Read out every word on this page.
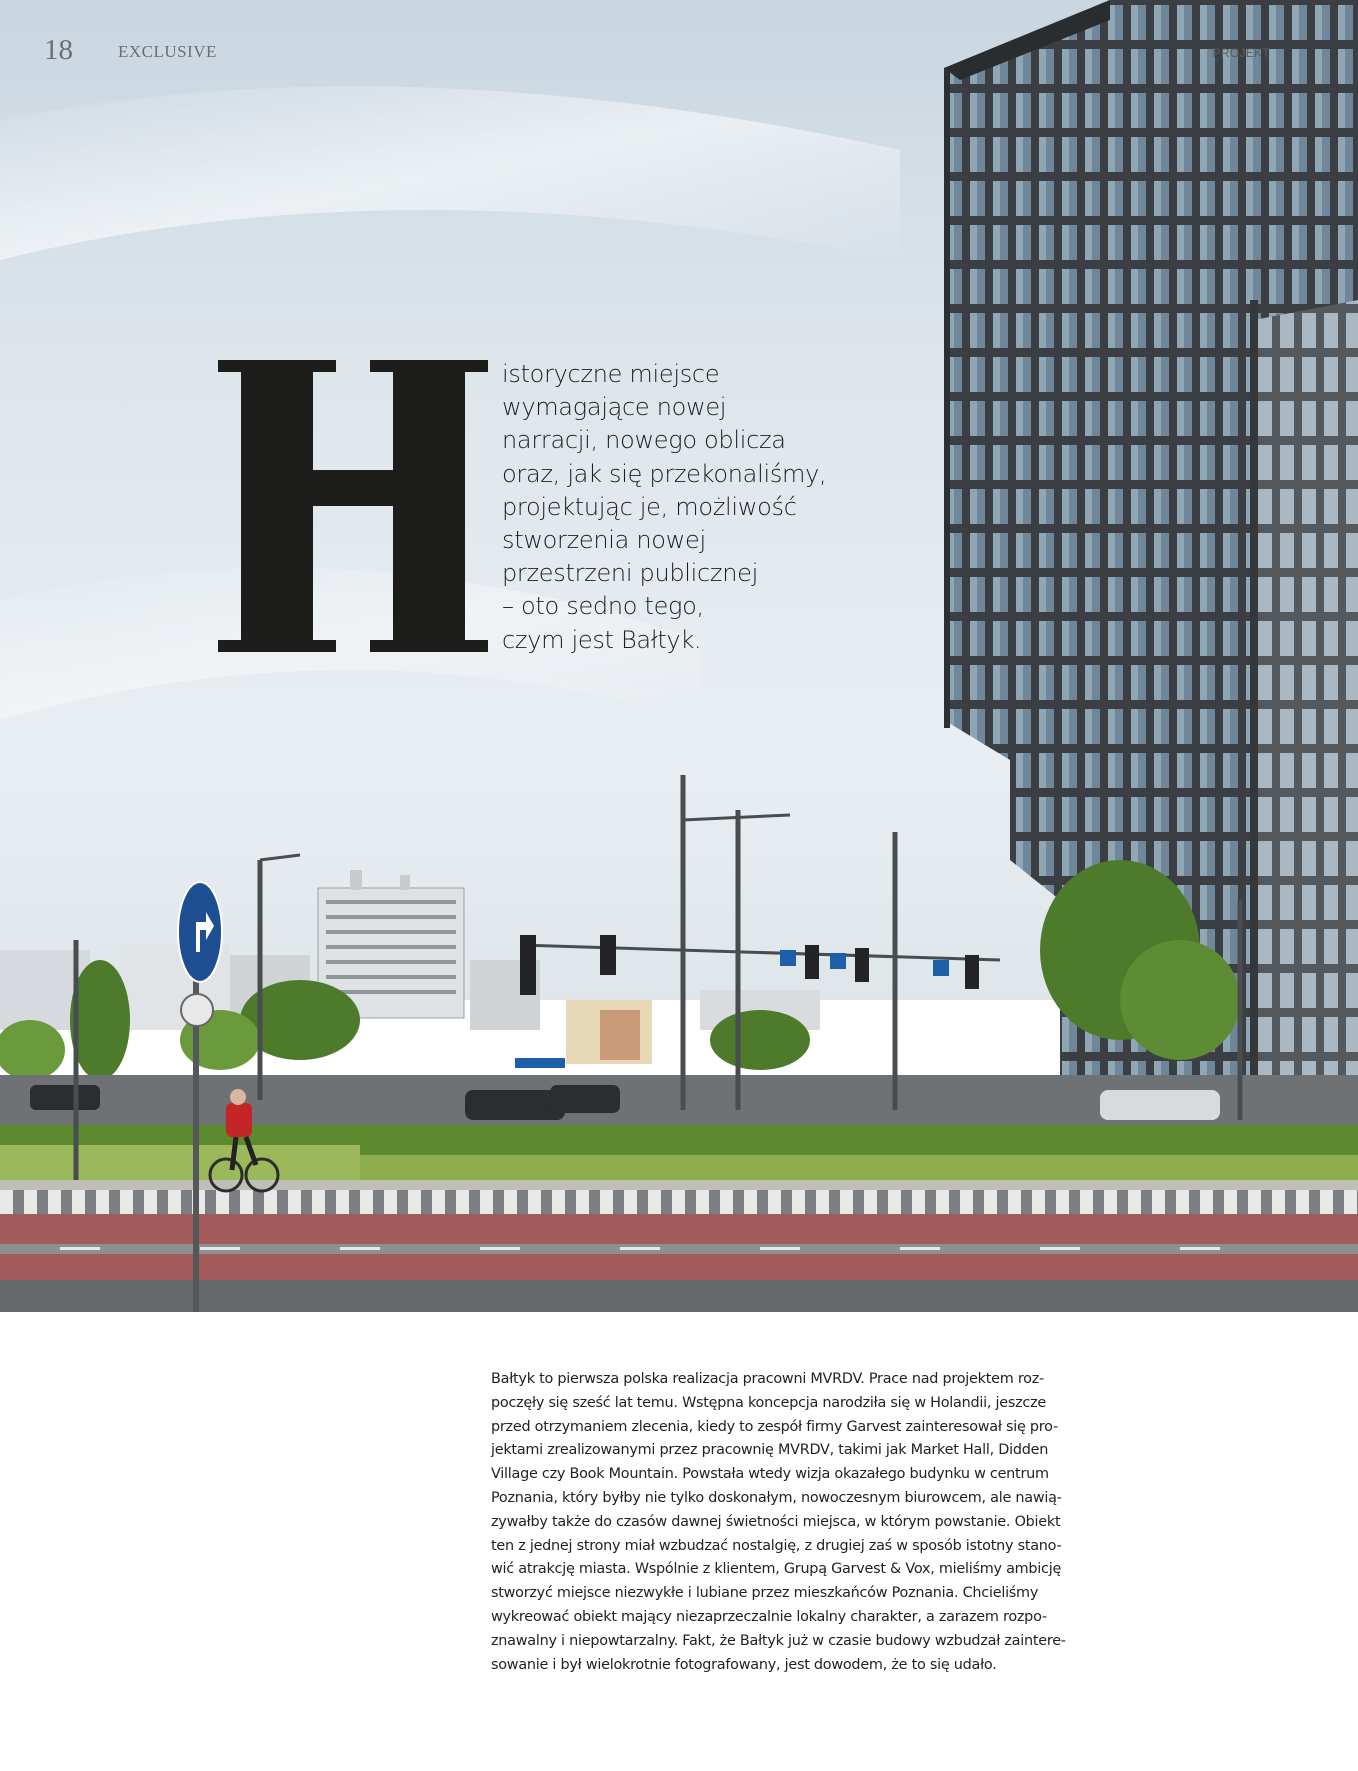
18	EXCLUSIVE	PROJEKT
istoryczne miejsce
wymagające nowej
narracji, nowego oblicza
oraz, jak się przekonaliśmy,
projektując je, możliwość
stworzenia nowej
przestrzeni publicznej
– oto sedno tego,
czym jest Bałtyk.
Bałtyk to pierwsza polska realizacja pracowni MVRDV. Prace nad projektem roz-
poczęły się sześć lat temu. Wstępna koncepcja narodziła się w Holandii, jeszcze
przed otrzymaniem zlecenia, kiedy to zespół firmy Garvest zainteresował się pro-
jektami zrealizowanymi przez pracownię MVRDV, takimi jak Market Hall, Didden
Village czy Book Mountain. Powstała wtedy wizja okazałego budynku w centrum
Poznania, który byłby nie tylko doskonałym, nowoczesnym biurowcem, ale nawią-
zywałby także do czasów dawnej świetności miejsca, w którym powstanie. Obiekt
ten z jednej strony miał wzbudzać nostalgię, z drugiej zaś w sposób istotny stano-
wić atrakcję miasta. Wspólnie z klientem, Grupą Garvest & Vox, mieliśmy ambicję
stworzyć miejsce niezwykłe i lubiane przez mieszkańców Poznania. Chcieliśmy
wykreować obiekt mający niezaprzeczalnie lokalny charakter, a zarazem rozpo-
znawalny i niepowtarzalny. Fakt, że Bałtyk już w czasie budowy wzbudzał zaintere-
sowanie i był wielokrotnie fotografowany, jest dowodem, że to się udało.
